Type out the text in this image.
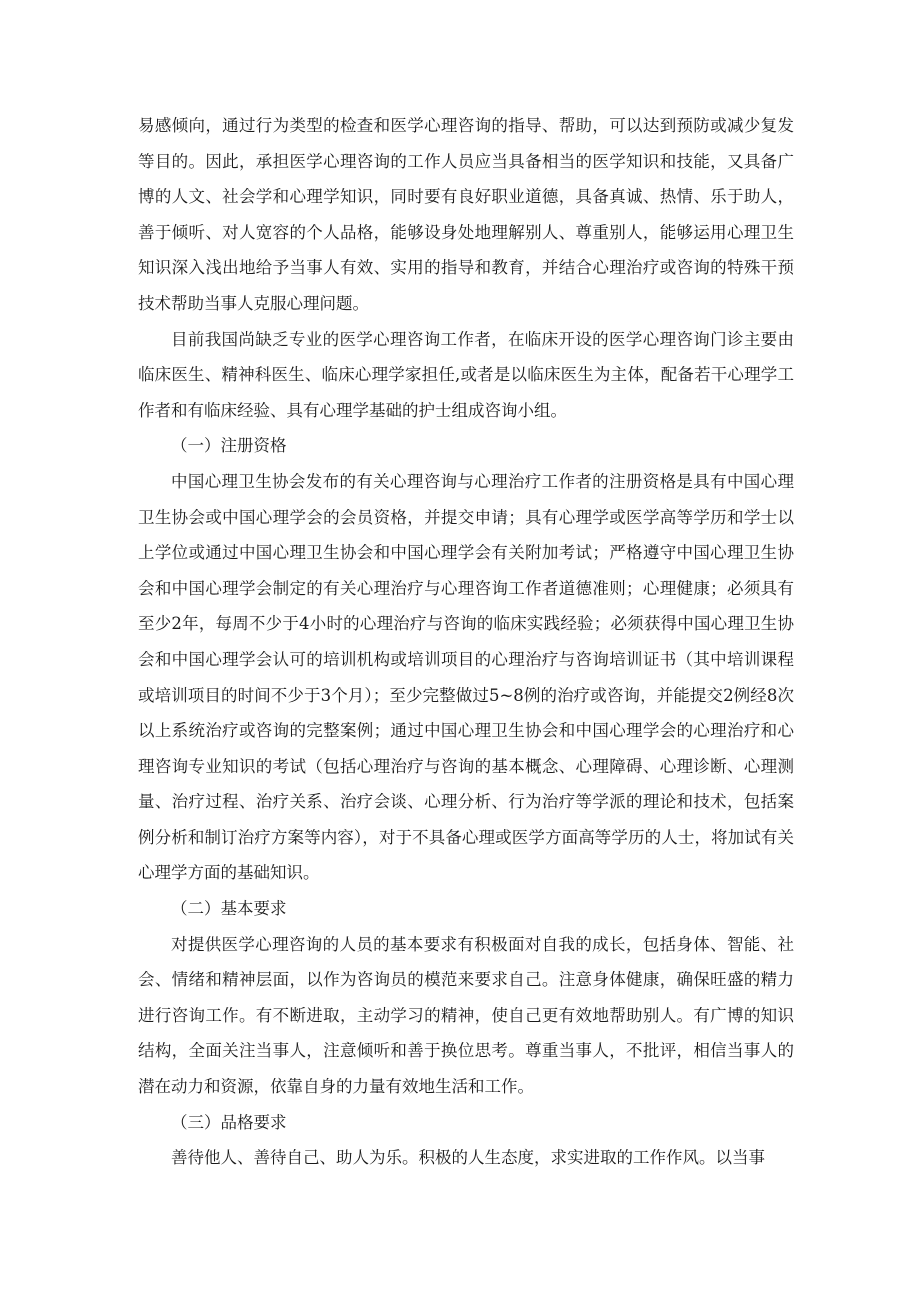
易感倾向，通过行为类型的检查和医学心理咨询的指导、帮助，可以达到预防或减少复发等目的。因此，承担医学心理咨询的工作人员应当具备相当的医学知识和技能，又具备广博的人文、社会学和心理学知识，同时要有良好职业道德，具备真诚、热情、乐于助人，善于倾听、对人宽容的个人品格，能够设身处地理解别人、尊重别人，能够运用心理卫生知识深入浅出地给予当事人有效、实用的指导和教育，并结合心理治疗或咨询的特殊干预技术帮助当事人克服心理问题。

目前我国尚缺乏专业的医学心理咨询工作者，在临床开设的医学心理咨询门诊主要由临床医生、精神科医生、临床心理学家担任,或者是以临床医生为主体，配备若干心理学工作者和有临床经验、具有心理学基础的护士组成咨询小组。

（一）注册资格

中国心理卫生协会发布的有关心理咨询与心理治疗工作者的注册资格是具有中国心理卫生协会或中国心理学会的会员资格，并提交申请；具有心理学或医学高等学历和学士以上学位或通过中国心理卫生协会和中国心理学会有关附加考试；严格遵守中国心理卫生协会和中国心理学会制定的有关心理治疗与心理咨询工作者道德准则；心理健康；必须具有至少2年，每周不少于4小时的心理治疗与咨询的临床实践经验；必须获得中国心理卫生协会和中国心理学会认可的培训机构或培训项目的心理治疗与咨询培训证书（其中培训课程或培训项目的时间不少于3个月）；至少完整做过5~8例的治疗或咨询，并能提交2例经8次以上系统治疗或咨询的完整案例；通过中国心理卫生协会和中国心理学会的心理治疗和心理咨询专业知识的考试（包括心理治疗与咨询的基本概念、心理障碍、心理诊断、心理测量、治疗过程、治疗关系、治疗会谈、心理分析、行为治疗等学派的理论和技术，包括案例分析和制订治疗方案等内容），对于不具备心理或医学方面高等学历的人士，将加试有关心理学方面的基础知识。

（二）基本要求

对提供医学心理咨询的人员的基本要求有积极面对自我的成长，包括身体、智能、社会、情绪和精神层面，以作为咨询员的模范来要求自己。注意身体健康，确保旺盛的精力进行咨询工作。有不断进取，主动学习的精神，使自己更有效地帮助别人。有广博的知识结构，全面关注当事人，注意倾听和善于换位思考。尊重当事人，不批评，相信当事人的潜在动力和资源，依靠自身的力量有效地生活和工作。

（三）品格要求

善待他人、善待自己、助人为乐。积极的人生态度，求实进取的工作作风。以当事
